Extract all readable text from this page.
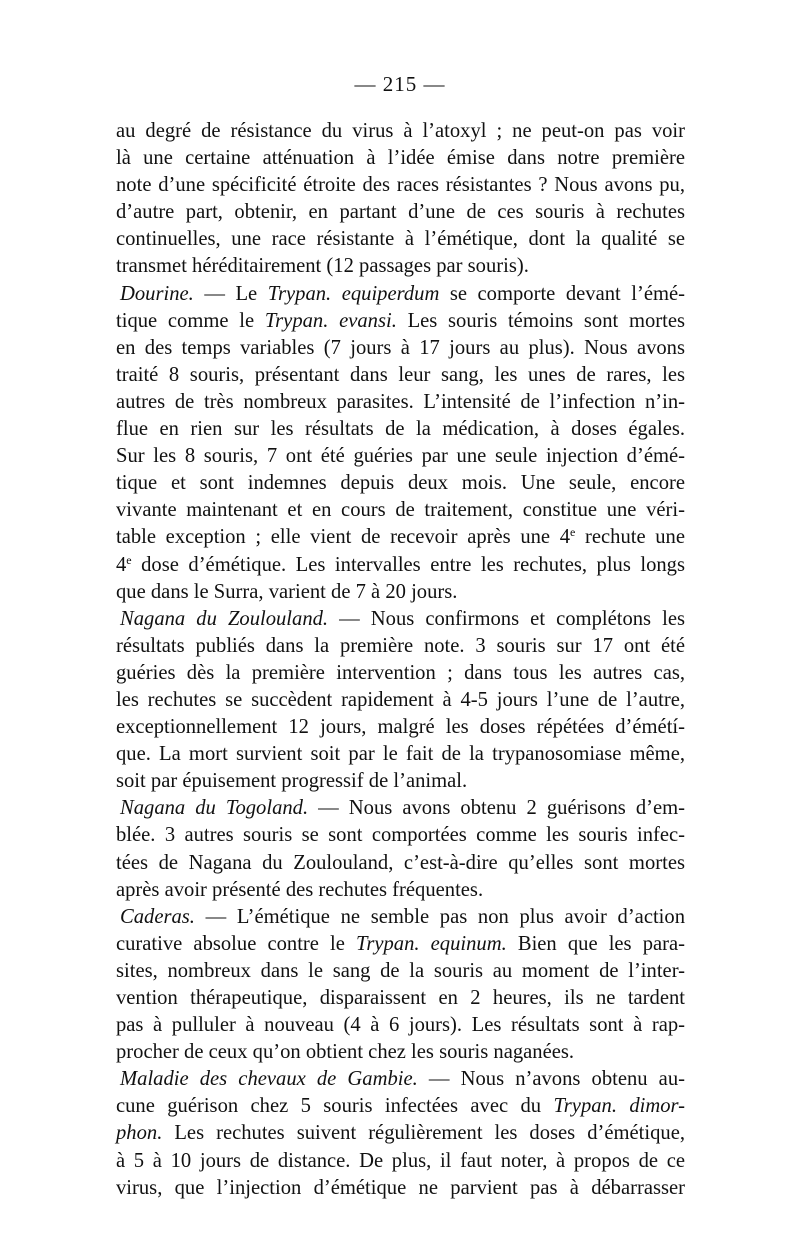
— 215 —
au degré de résistance du virus à l’atoxyl ; ne peut-on pas voir
là une certaine atténuation à l’idée émise dans notre première
note d’une spécificité étroite des races résistantes ? Nous avons pu,
d’autre part, obtenir, en partant d’une de ces souris à rechutes
continuelles, une race résistante à l’émétique, dont la qualité se
transmet héréditairement (12 passages par souris).
Dourine. — Le Trypan. equiperdum se comporte devant l’émé-
tique comme le Trypan. evansi. Les souris témoins sont mortes
en des temps variables (7 jours à 17 jours au plus). Nous avons
traité 8 souris, présentant dans leur sang, les unes de rares, les
autres de très nombreux parasites. L’intensité de l’infection n’in-
flue en rien sur les résultats de la médication, à doses égales.
Sur les 8 souris, 7 ont été guéries par une seule injection d’émé-
tique et sont indemnes depuis deux mois. Une seule, encore
vivante maintenant et en cours de traitement, constitue une véri-
table exception ; elle vient de recevoir après une 4e rechute une
4e dose d’émétique. Les intervalles entre les rechutes, plus longs
que dans le Surra, varient de 7 à 20 jours.
Nagana du Zoulouland. — Nous confirmons et complétons les
résultats publiés dans la première note. 3 souris sur 17 ont été
guéries dès la première intervention ; dans tous les autres cas,
les rechutes se succèdent rapidement à 4-5 jours l’une de l’autre,
exceptionnellement 12 jours, malgré les doses répétées d’émétí-
que. La mort survient soit par le fait de la trypanosomiase même,
soit par épuisement progressif de l’animal.
Nagana du Togoland. — Nous avons obtenu 2 guérisons d’em-
blée. 3 autres souris se sont comportées comme les souris infec-
tées de Nagana du Zoulouland, c’est-à-dire qu’elles sont mortes
après avoir présenté des rechutes fréquentes.
Caderas. — L’émétique ne semble pas non plus avoir d’action
curative absolue contre le Trypan. equinum. Bien que les para-
sites, nombreux dans le sang de la souris au moment de l’inter-
vention thérapeutique, disparaissent en 2 heures, ils ne tardent
pas à pulluler à nouveau (4 à 6 jours). Les résultats sont à rap-
procher de ceux qu’on obtient chez les souris naganées.
Maladie des chevaux de Gambie. — Nous n’avons obtenu au-
cune guérison chez 5 souris infectées avec du Trypan. dimor-
phon. Les rechutes suivent régulièrement les doses d’émétique,
à 5 à 10 jours de distance. De plus, il faut noter, à propos de ce
virus, que l’injection d’émétique ne parvient pas à débarrasser
